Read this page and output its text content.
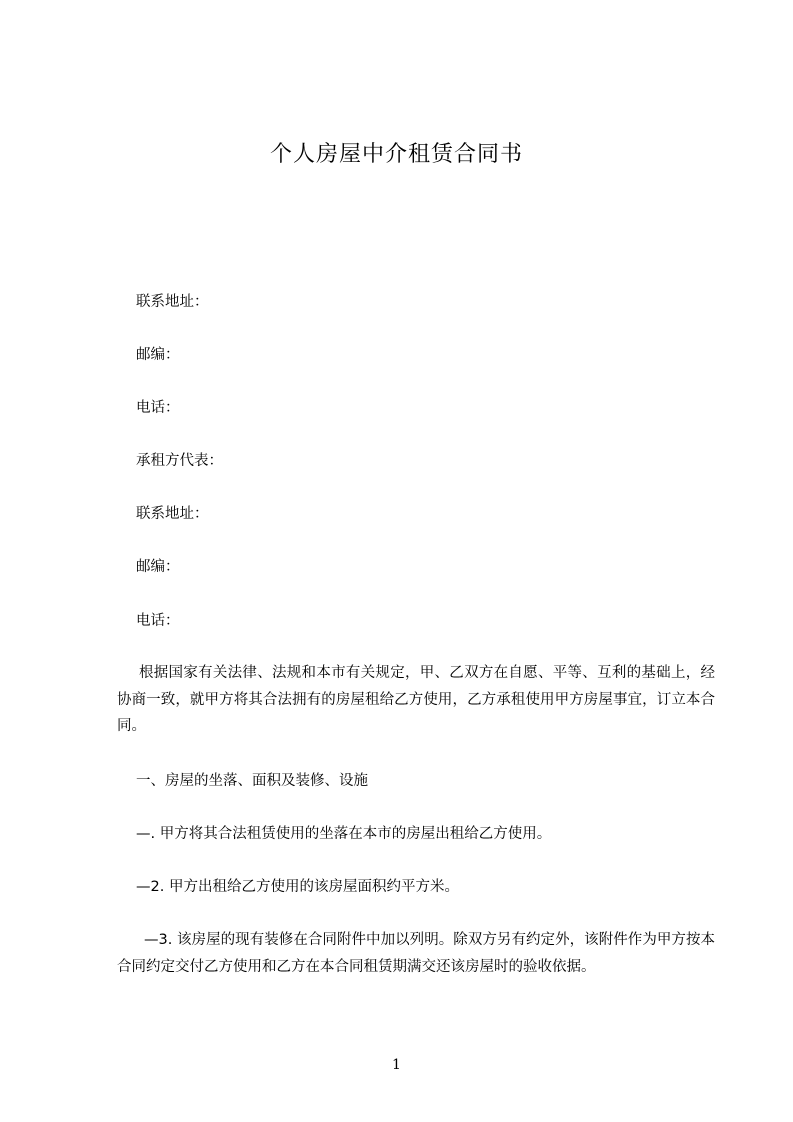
个人房屋中介租赁合同书
联系地址：
邮编：
电话：
承租方代表：
联系地址：
邮编：
电话：

根据国家有关法律、法规和本市有关规定，甲、乙双方在自愿、平等、互利的基础上，经协商一致，就甲方将其合法拥有的房屋租给乙方使用，乙方承租使用甲方房屋事宜，订立本合同。

一、房屋的坐落、面积及装修、设施
—. 甲方将其合法租赁使用的坐落在本市的房屋出租给乙方使用。
—2. 甲方出租给乙方使用的该房屋面积约平方米。

—3. 该房屋的现有装修在合同附件中加以列明。除双方另有约定外，该附件作为甲方按本合同约定交付乙方使用和乙方在本合同租赁期满交还该房屋时的验收依据。

1
